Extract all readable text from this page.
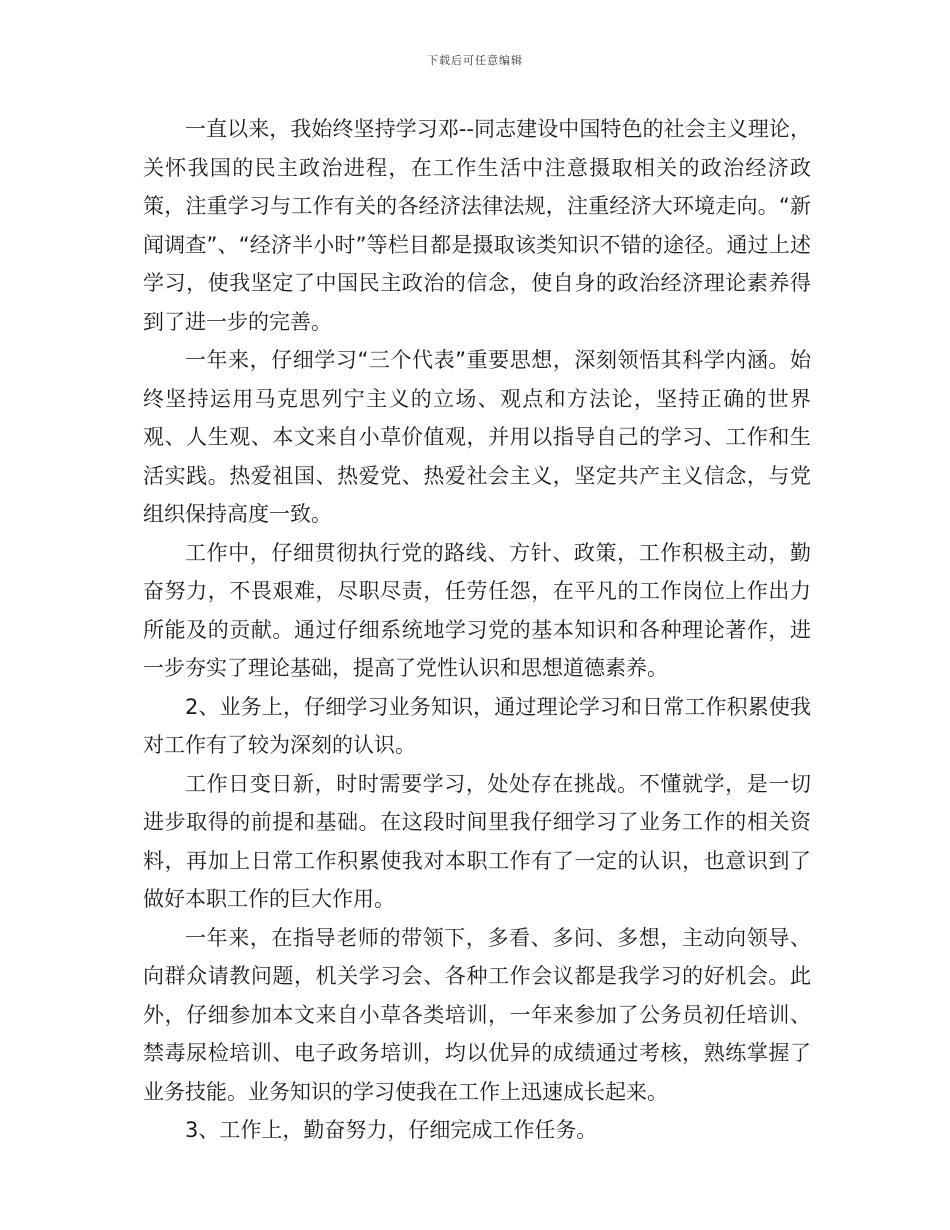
下载后可任意编辑

一直以来，我始终坚持学习邓--同志建设中国特色的社会主义理论，关怀我国的民主政治进程，在工作生活中注意摄取相关的政治经济政策，注重学习与工作有关的各经济法律法规，注重经济大环境走向。“新闻调查”、“经济半小时”等栏目都是摄取该类知识不错的途径。通过上述学习，使我坚定了中国民主政治的信念，使自身的政治经济理论素养得到了进一步的完善。

一年来，仔细学习“三个代表”重要思想，深刻领悟其科学内涵。始终坚持运用马克思列宁主义的立场、观点和方法论，坚持正确的世界观、人生观、本文来自小草价值观，并用以指导自己的学习、工作和生活实践。热爱祖国、热爱党、热爱社会主义，坚定共产主义信念，与党组织保持高度一致。

工作中，仔细贯彻执行党的路线、方针、政策，工作积极主动，勤奋努力，不畏艰难，尽职尽责，任劳任怨，在平凡的工作岗位上作出力所能及的贡献。通过仔细系统地学习党的基本知识和各种理论著作，进一步夯实了理论基础，提高了党性认识和思想道德素养。

2、业务上，仔细学习业务知识，通过理论学习和日常工作积累使我对工作有了较为深刻的认识。

工作日变日新，时时需要学习，处处存在挑战。不懂就学，是一切进步取得的前提和基础。在这段时间里我仔细学习了业务工作的相关资料，再加上日常工作积累使我对本职工作有了一定的认识，也意识到了做好本职工作的巨大作用。

一年来，在指导老师的带领下，多看、多问、多想，主动向领导、向群众请教问题，机关学习会、各种工作会议都是我学习的好机会。此外，仔细参加本文来自小草各类培训，一年来参加了公务员初任培训、禁毒尿检培训、电子政务培训，均以优异的成绩通过考核，熟练掌握了业务技能。业务知识的学习使我在工作上迅速成长起来。

3、工作上，勤奋努力，仔细完成工作任务。
